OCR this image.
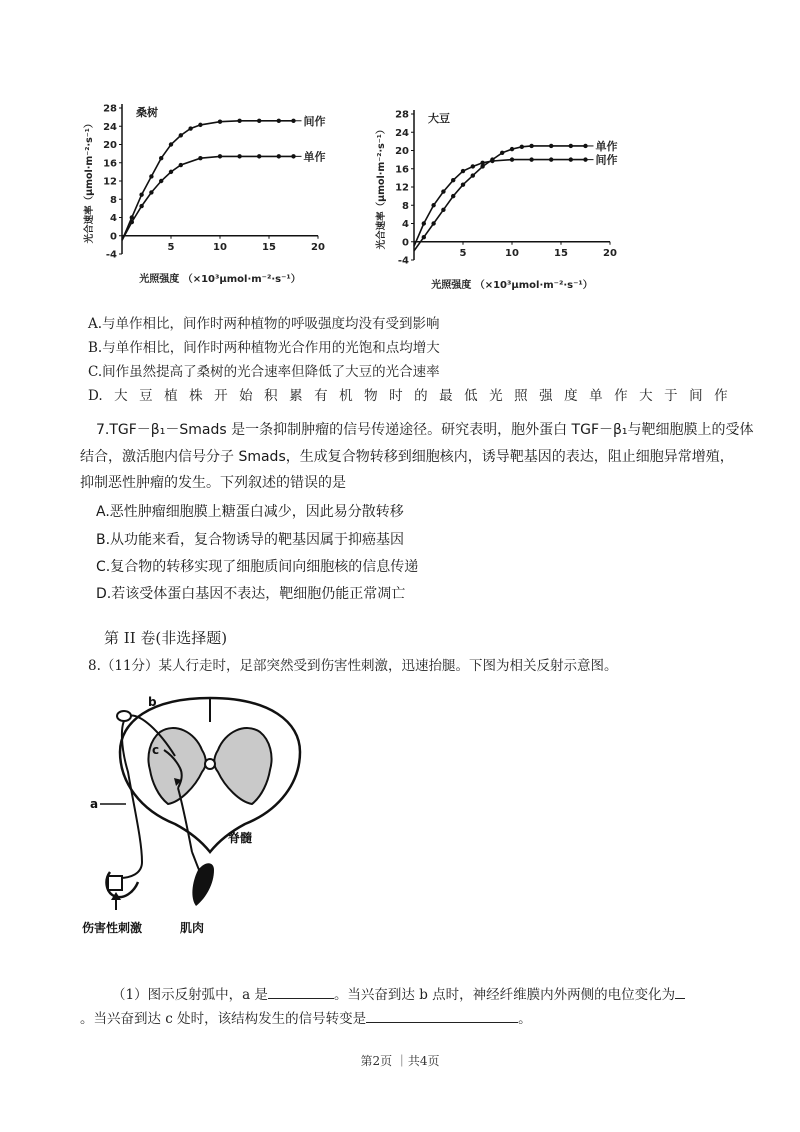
28
24
20
16
12
8
4
0
-4
5	10	15	20
桑树
光合速率（μmol·m⁻²·s⁻¹）
光照强度 （×10³μmol·m⁻²·s⁻¹）
间作
单作
28
24
20
16
12
8
4
0
-4
5	10	15	20
大豆
光合速率（μmol·m⁻²·s⁻¹）
光照强度 （×10³μmol·m⁻²·s⁻¹）
单作
间作
A.与单作相比，间作时两种植物的呼吸强度均没有受到影响
B.与单作相比，间作时两种植物光合作用的光饱和点均增大
C.间作虽然提高了桑树的光合速率但降低了大豆的光合速率
D. 大 豆 植 株 开 始 积 累 有 机 物 时 的 最 低 光 照 强 度 单 作 大 于 间 作
7.TGF－β₁－Smads 是一条抑制肿瘤的信号传递途径。研究表明，胞外蛋白 TGF－β₁与靶细胞膜上的受体
结合，激活胞内信号分子 Smads，生成复合物转移到细胞核内，诱导靶基因的表达，阻止细胞异常增殖，
抑制恶性肿瘤的发生。下列叙述的错误的是
A.恶性肿瘤细胞膜上糖蛋白减少，因此易分散转移
B.从功能来看，复合物诱导的靶基因属于抑癌基因
C.复合物的转移实现了细胞质间向细胞核的信息传递
D.若该受体蛋白基因不表达，靶细胞仍能正常凋亡
第 II 卷(非选择题)
8.（11分）某人行走时，足部突然受到伤害性刺激，迅速抬腿。下图为相关反射示意图。
b
a
c
脊髓
伤害性刺激	肌肉
（1）图示反射弧中，a 是	。当兴奋到达 b 点时，神经纤维膜内外两侧的电位变化为
。当兴奋到达 c 处时，该结构发生的信号转变是	。
第2页 ｜共4页
